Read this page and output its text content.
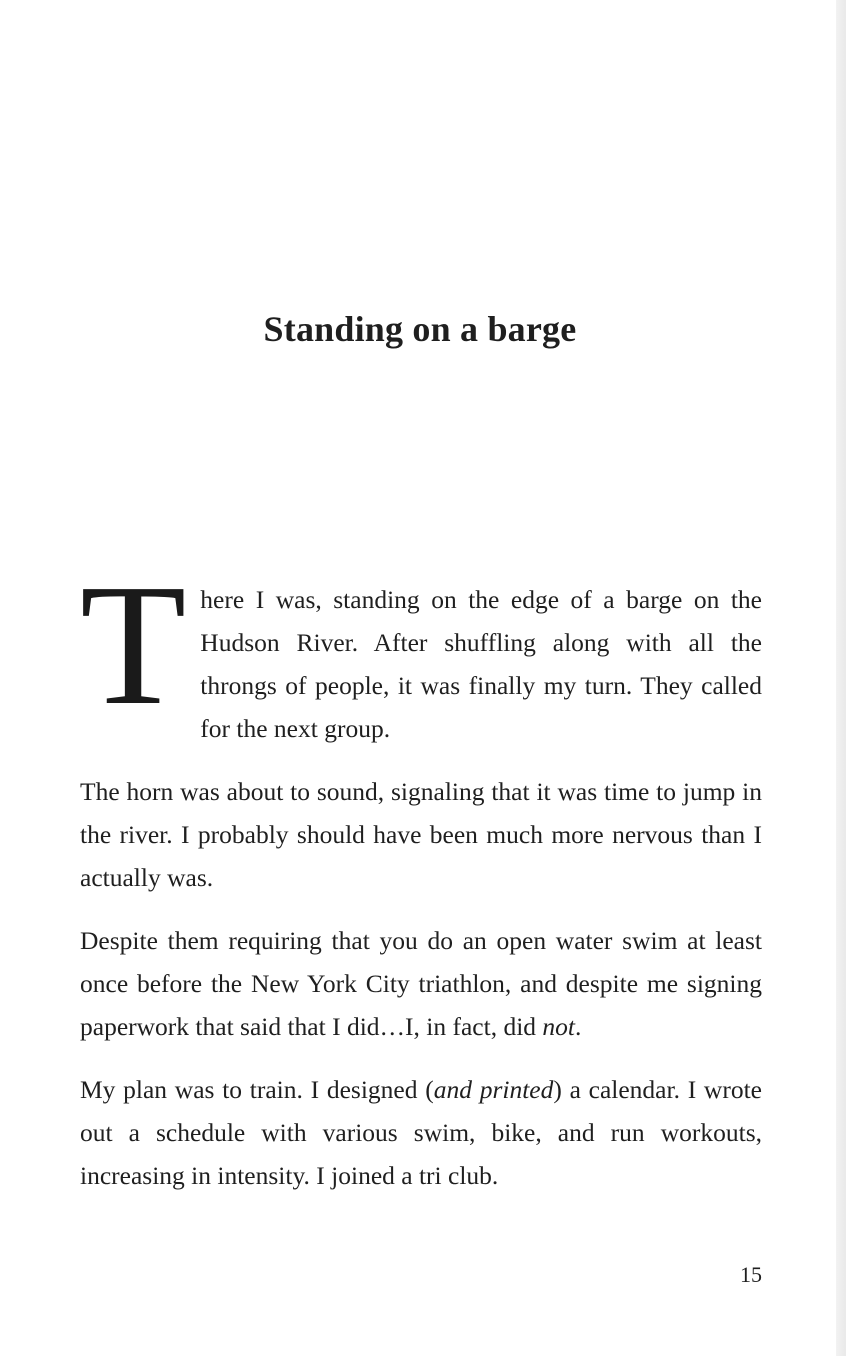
Standing on a barge

There I was, standing on the edge of a barge on the Hudson River. After shuffling along with all the throngs of people, it was finally my turn. They called for the next group.

The horn was about to sound, signaling that it was time to jump in the river. I probably should have been much more nervous than I actually was.

Despite them requiring that you do an open water swim at least once before the New York City triathlon, and despite me signing paperwork that said that I did…I, in fact, did not.

My plan was to train. I designed (and printed) a calendar. I wrote out a schedule with various swim, bike, and run workouts, increasing in intensity. I joined a tri club.

15
